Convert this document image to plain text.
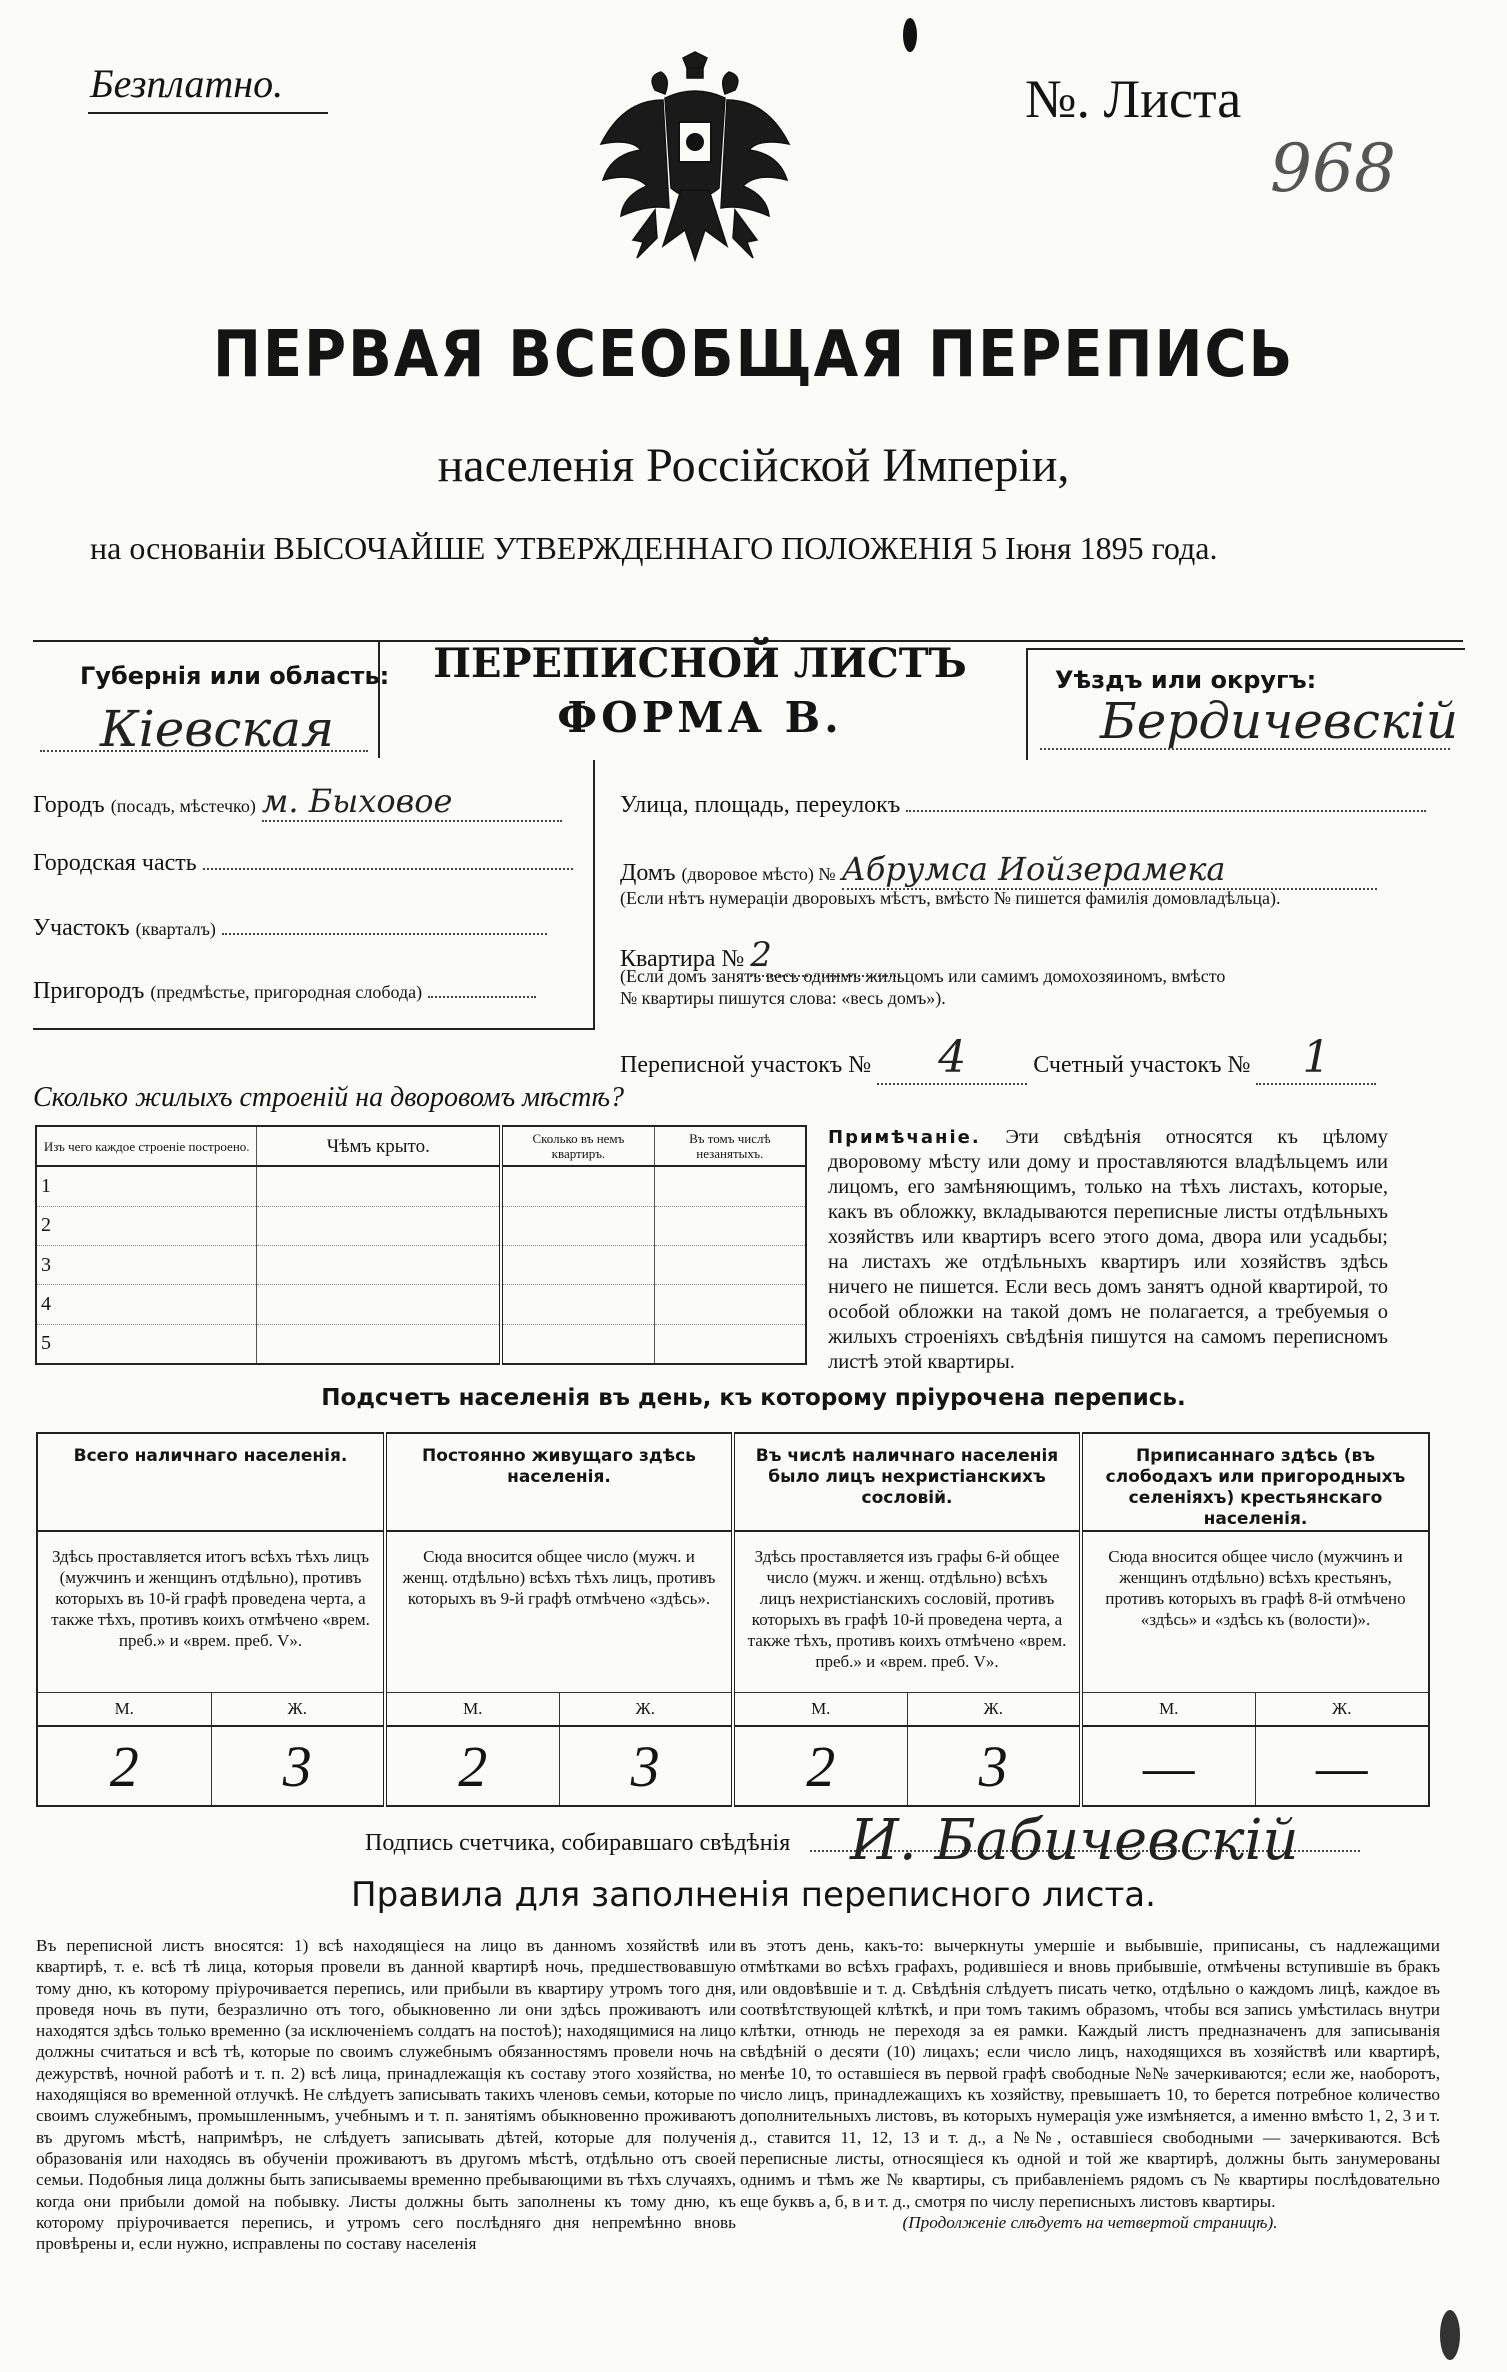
Безплатно.	№. Листа
968
ПЕРВАЯ ВСЕОБЩАЯ ПЕРЕПИСЬ
населенія Россійской Имперіи,
на основаніи ВЫСОЧАЙШЕ УТВЕРЖДЕННАГО ПОЛОЖЕНІЯ 5 Іюня 1895 года.
Губернія или область:
Кіевская
ПЕРЕПИСНОЙ ЛИСТЪ
ФОРМА В.
Уѣздъ или округъ:
Бердичевскій
Городъ (посадъ, мѣстечко) м. Быховое
Городская часть
Участокъ (кварталъ)
Пригородъ (предмѣстье, пригородная слобода)
Улица, площадь, переулокъ
Домъ (дворовое мѣсто) № Абрумса Иойзерамека
(Если нѣтъ нумераціи дворовыхъ мѣстъ, вмѣсто № пишется фамилія домовладѣльца).
Квартира № 2
(Если домъ занятъ весь однимъ жильцомъ или самимъ домохозяиномъ, вмѣсто
№ квартиры пишутся слова: «весь домъ»).
Переписной участокъ № 4	Счетный участокъ № 1
Сколько жилыхъ строеній на дворовомъ мѣстѣ?
Изъ чего каждое строеніе построено.	Чѣмъ крыто.	Сколько въ немъ квартиръ.	Въ томъ числѣ незанятыхъ.
1			
2			
3			
4			
5			
Примѣчаніе. Эти свѣдѣнія относятся къ цѣлому дворовому мѣсту или дому и проставляются владѣльцемъ или лицомъ, его замѣняющимъ, только на тѣхъ листахъ, которые, какъ въ обложку, вкладываются переписные листы отдѣльныхъ хозяйствъ или квартиръ всего этого дома, двора или усадьбы; на листахъ же отдѣльныхъ квартиръ или хозяйствъ здѣсь ничего не пишется. Если весь домъ занятъ одной квартирой, то особой обложки на такой домъ не полагается, а требуемыя о жилыхъ строеніяхъ свѣдѣнія пишутся на самомъ переписномъ листѣ этой квартиры.
Подсчетъ населенія въ день, къ которому пріурочена перепись.
Всего наличнаго населенія.		Постоянно живущаго здѣсь населенія.		Въ числѣ наличнаго населенія было лицъ нехристіанскихъ сословій.		Приписаннаго здѣсь (въ слободахъ или пригородныхъ селеніяхъ) крестьянскаго населенія.	
Здѣсь проставляется итогъ всѣхъ тѣхъ лицъ (мужчинъ и женщинъ отдѣльно), противъ которыхъ въ 10-й графѣ проведена черта, а также тѣхъ, противъ коихъ отмѣчено «врем. преб.» и «врем. преб. V».		Сюда вносится общее число (мужч. и женщ. отдѣльно) всѣхъ тѣхъ лицъ, противъ которыхъ въ 9-й графѣ отмѣчено «здѣсь».		Здѣсь проставляется изъ графы 6-й общее число (мужч. и женщ. отдѣльно) всѣхъ лицъ нехристіанскихъ сословій, противъ которыхъ въ графѣ 10-й проведена черта, а также тѣхъ, противъ коихъ отмѣчено «врем. преб.» и «врем. преб. V».		Сюда вносится общее число (мужчинъ и женщинъ отдѣльно) всѣхъ крестьянъ, противъ которыхъ въ графѣ 8-й отмѣчено «здѣсь» и «здѣсь къ (волости)».	
М.	Ж.	М.	Ж.	М.	Ж.	М.	Ж.
2	3	2	3	2	3	—	—
Подпись счетчика, собиравшаго свѣдѣнія И. Бабичевскій
Правила для заполненія переписного листа.
Въ переписной листъ вносятся: 1) всѣ находящіеся на лицо въ данномъ хозяйствѣ или квартирѣ, т. е. всѣ тѣ лица, которыя провели въ данной квартирѣ ночь, предшествовавшую тому дню, къ которому пріурочивается перепись, или прибыли въ квартиру утромъ того дня, проведя ночь въ пути, безразлично отъ того, обыкновенно ли они здѣсь проживаютъ или находятся здѣсь только временно (за исключеніемъ солдатъ на постоѣ); находящимися на лицо должны считаться и всѣ тѣ, которые по своимъ служебнымъ обязанностямъ провели ночь на дежурствѣ, ночной работѣ и т. п. 2) всѣ лица, принадлежащія къ составу этого хозяйства, но находящіяся во временной отлучкѣ. Не слѣдуетъ записывать такихъ членовъ семьи, которые по своимъ служебнымъ, промышленнымъ, учебнымъ и т. п. занятіямъ обыкновенно проживаютъ въ другомъ мѣстѣ, напримѣръ, не слѣдуетъ записывать дѣтей, которые для полученія образованія или находясь въ обученіи проживаютъ въ другомъ мѣстѣ, отдѣльно отъ своей семьи. Подобныя лица должны быть записываемы временно пребывающими въ тѣхъ случаяхъ, когда они прибыли домой на побывку. Листы должны быть заполнены къ тому дню, къ которому пріурочивается перепись, и утромъ сего послѣдняго дня непремѣнно вновь провѣрены и, если нужно, исправлены по составу населенія
въ этотъ день, какъ-то: вычеркнуты умершіе и выбывшіе, приписаны, съ надлежащими отмѣтками во всѣхъ графахъ, родившіеся и вновь прибывшіе, отмѣчены вступившіе въ бракъ или овдовѣвшіе и т. д. Свѣдѣнія слѣдуетъ писать четко, отдѣльно о каждомъ лицѣ, каждое въ соотвѣтствующей клѣткѣ, и при томъ такимъ образомъ, чтобы вся запись умѣстилась внутри клѣтки, отнюдь не переходя за ея рамки. Каждый листъ предназначенъ для записыванія свѣдѣній о десяти (10) лицахъ; если число лицъ, находящихся въ хозяйствѣ или квартирѣ, менѣе 10, то оставшіеся въ первой графѣ свободные №№ зачеркиваются; если же, наоборотъ, число лицъ, принадлежащихъ къ хозяйству, превышаетъ 10, то берется потребное количество дополнительныхъ листовъ, въ которыхъ нумерація уже измѣняется, а именно вмѣсто 1, 2, 3 и т. д., ставится 11, 12, 13 и т. д., а №№, оставшіеся свободными — зачеркиваются. Всѣ переписные листы, относящіеся къ одной и той же квартирѣ, должны быть занумерованы однимъ и тѣмъ же № квартиры, съ прибавленіемъ рядомъ съ № квартиры послѣдовательно еще буквъ а, б, в и т. д., смотря по числу переписныхъ листовъ квартиры.
(Продолженіе слѣдуетъ на четвертой страницѣ).
